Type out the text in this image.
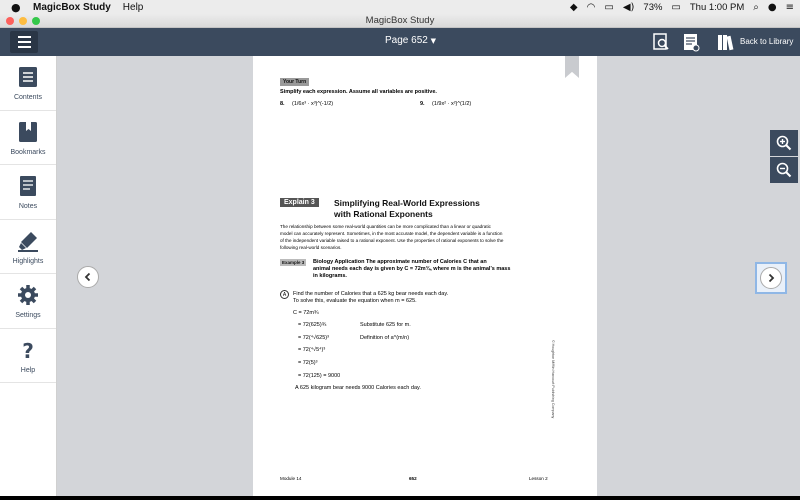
● MagicBox Study Help	◆ ◠ ▭ ◀) 73% ▭ Thu 1:00 PM ⌕ ● ≡
MagicBox Study
Page 652 ▼	Back to Library
Contents
Bookmarks
Notes
Highlights
Settings
?
Help
Your Turn
Simplify each expression. Assume all variables are positive.
8. (1/6x³ · x³)^(-1/2)	9. (1/9x² · x²)^(1/2)
Explain 3	Simplifying Real-World Expressions
with Rational Exponents
The relationship between some real-world quantities can be more complicated than a linear or quadratic
model can accurately represent. Sometimes, in the most accurate model, the dependent variable is a function
of the independent variable raised to a rational exponent. Use the properties of rational exponents to solve the
following real-world scenarios.
Example 3	Biology Application The approximate number of Calories C that an
animal needs each day is given by C = 72m¾, where m is the animal's mass
in kilograms.
A	Find the number of Calories that a 625 kg bear needs each day.
To solve this, evaluate the equation when m = 625.
C = 72m¾
= 72(625)¾	Substitute 625 for m.
= 72(⁴√625)³	Definition of a^(m/n)
= 72(⁴√5⁴)³
= 72(5)³
= 72(125) = 9000
A 625 kilogram bear needs 9000 Calories each day.	© Houghton Mifflin Harcourt Publishing Company
Module 14	652	Lesson 2
